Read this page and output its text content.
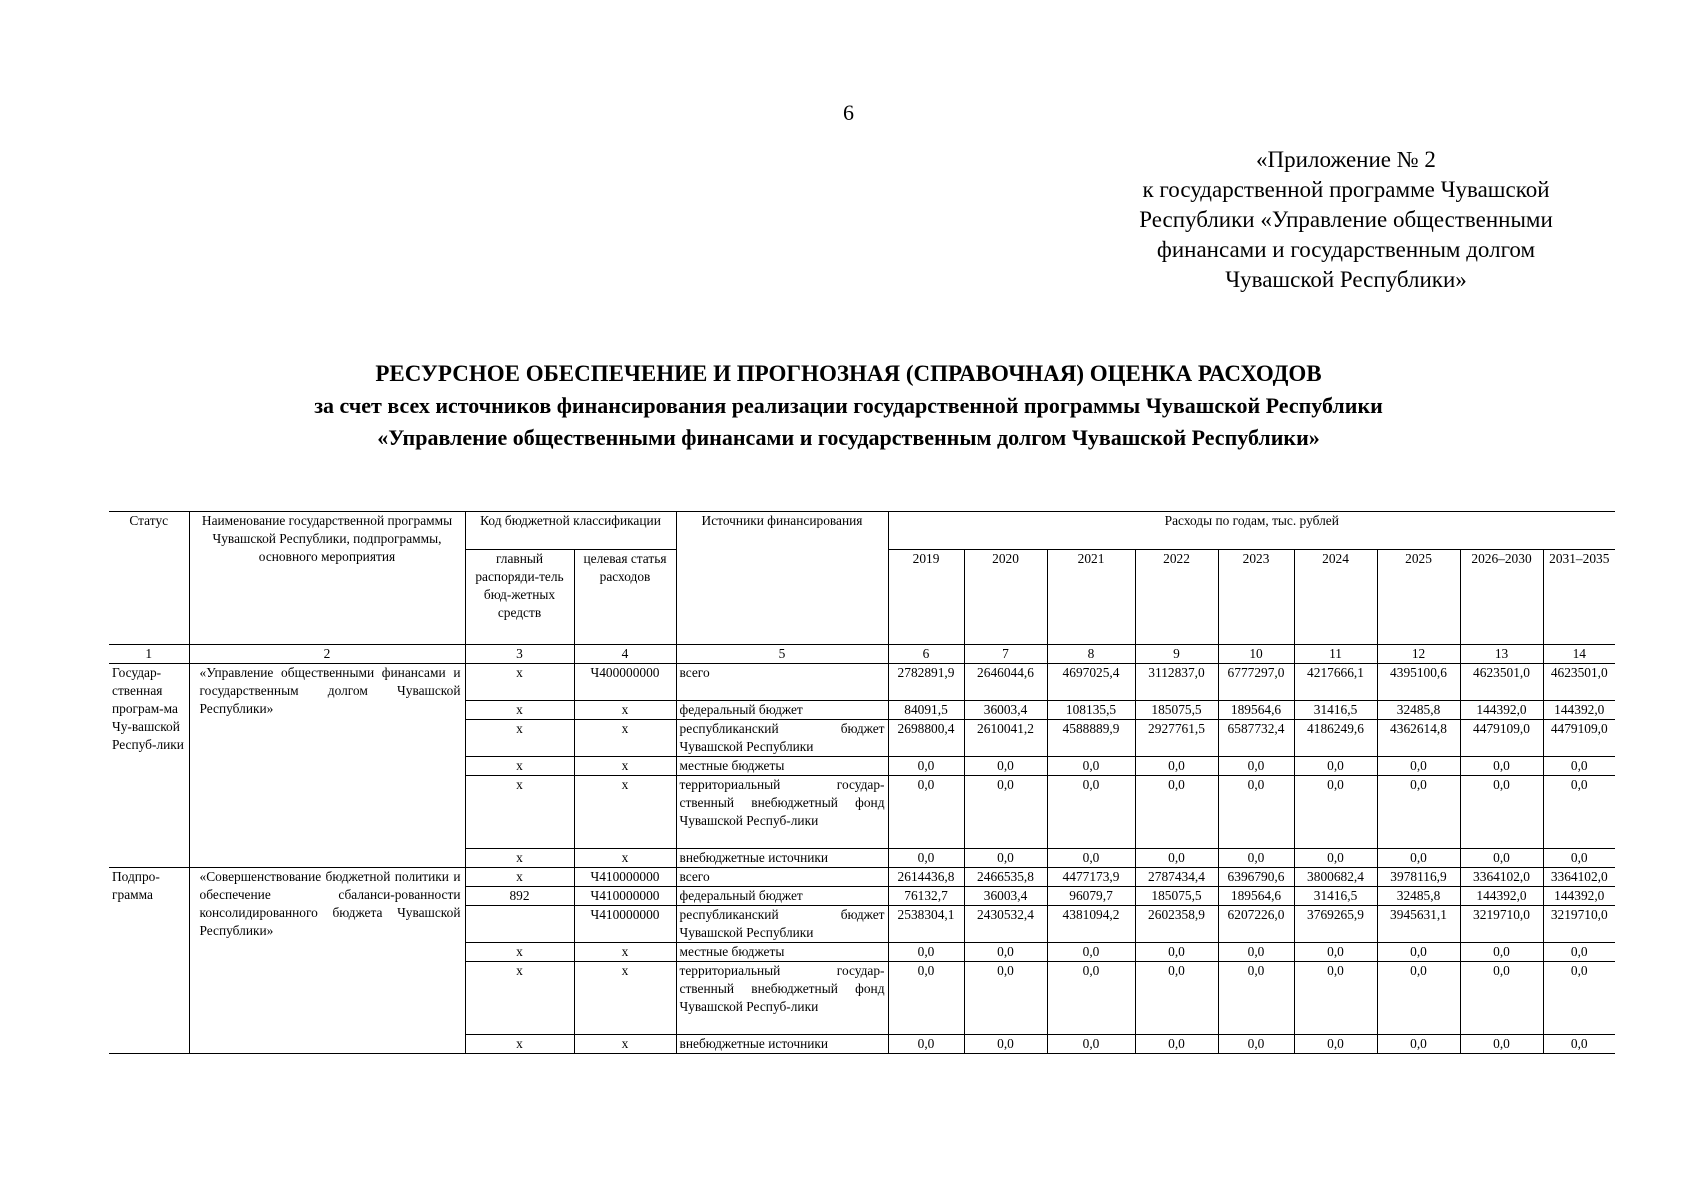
6
«Приложение № 2
к государственной программе Чувашской
Республики «Управление общественными
финансами и государственным долгом
Чувашской Республики»
РЕСУРСНОЕ ОБЕСПЕЧЕНИЕ И ПРОГНОЗНАЯ (СПРАВОЧНАЯ) ОЦЕНКА РАСХОДОВ
за счет всех источников финансирования реализации государственной программы Чувашской Республики
«Управление общественными финансами и государственным долгом Чувашской Республики»
Статус	Наименование государственной программы Чувашской Республики, подпрограммы, основного мероприятия	Код бюджетной классификации		Источники финансирования	Расходы по годам, тыс. рублей								
		главный распоряди-тель бюд-жетных средств	целевая статья расходов		2019	2020	2021	2022	2023	2024	2025	2026–2030	2031–2035
1	2	3	4	5	6	7	8	9	10	11	12	13	14
Государ-ственная програм-ма Чу-вашской Респуб-лики	«Управление общественными финансами и государственным долгом Чувашской Республики»	х	Ч400000000	всего	2782891,9	2646044,6	4697025,4	3112837,0	6777297,0	4217666,1	4395100,6	4623501,0	4623501,0
		х	х	федеральный бюджет	84091,5	36003,4	108135,5	185075,5	189564,6	31416,5	32485,8	144392,0	144392,0
		х	х	республиканский бюджет Чувашской Республики	2698800,4	2610041,2	4588889,9	2927761,5	6587732,4	4186249,6	4362614,8	4479109,0	4479109,0
		х	х	местные бюджеты	0,0	0,0	0,0	0,0	0,0	0,0	0,0	0,0	0,0
		х	х	территориальный государ-ственный внебюджетный фонд Чувашской Респуб-лики	0,0	0,0	0,0	0,0	0,0	0,0	0,0	0,0	0,0
		х	х	внебюджетные источники	0,0	0,0	0,0	0,0	0,0	0,0	0,0	0,0	0,0
Подпро-грамма	«Совершенствование бюджетной политики и обеспечение сбаланси-рованности консолидированного бюджета Чувашской Республики»	х	Ч410000000	всего	2614436,8	2466535,8	4477173,9	2787434,4	6396790,6	3800682,4	3978116,9	3364102,0	3364102,0
		892	Ч410000000	федеральный бюджет	76132,7	36003,4	96079,7	185075,5	189564,6	31416,5	32485,8	144392,0	144392,0
			Ч410000000	республиканский бюджет Чувашской Республики	2538304,1	2430532,4	4381094,2	2602358,9	6207226,0	3769265,9	3945631,1	3219710,0	3219710,0
		х	х	местные бюджеты	0,0	0,0	0,0	0,0	0,0	0,0	0,0	0,0	0,0
		х	х	территориальный государ-ственный внебюджетный фонд Чувашской Респуб-лики	0,0	0,0	0,0	0,0	0,0	0,0	0,0	0,0	0,0
		х	х	внебюджетные источники	0,0	0,0	0,0	0,0	0,0	0,0	0,0	0,0	0,0
